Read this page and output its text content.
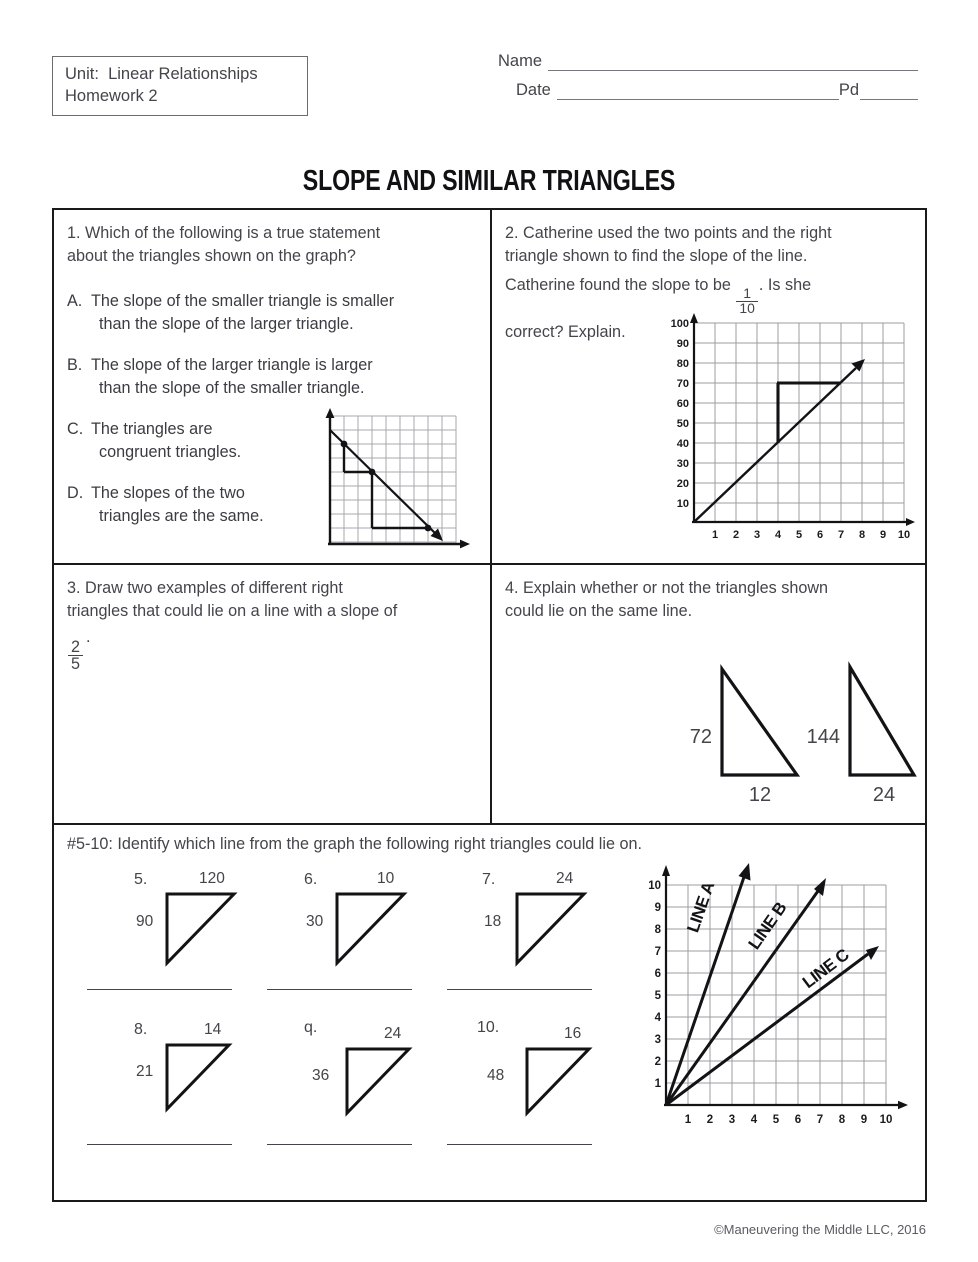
Unit:  Linear Relationships
Homework 2
Name
Date	Pd
SLOPE AND SIMILAR TRIANGLES
1. Which of the following is a true statement
about the triangles shown on the graph?
A. The slope of the smaller triangle is smaller
than the slope of the larger triangle.
B. The slope of the larger triangle is larger
than the slope of the smaller triangle.
C. The triangles are
congruent triangles.
D. The slopes of the two
triangles are the same.
2. Catherine used the two points and the right
triangle shown to find the slope of the line.
Catherine found the slope to be
$\frac{1}{10}$
. Is she
correct? Explain.	100
90
80
70
60
50
40
30
20
10
1 2 3 4 5 6 7 8 9 10
3. Draw two examples of different right
triangles that could lie on a line with a slope of
$\frac{2}{5}$
.
4. Explain whether or not the triangles shown
could lie on the same line.
72
12
144
24
#5-10: Identify which line from the graph the following right triangles could lie on.
5.	120
90
6.	10
30
7.	24
18
8.	14
21
q.	24
36
10.	16
48
10
9
8
7
6
5
4
3
2
1
1 2 3 4 5 6 7 8 9 10
LINE A LINE B
LINE C
©Maneuvering the Middle LLC, 2016
